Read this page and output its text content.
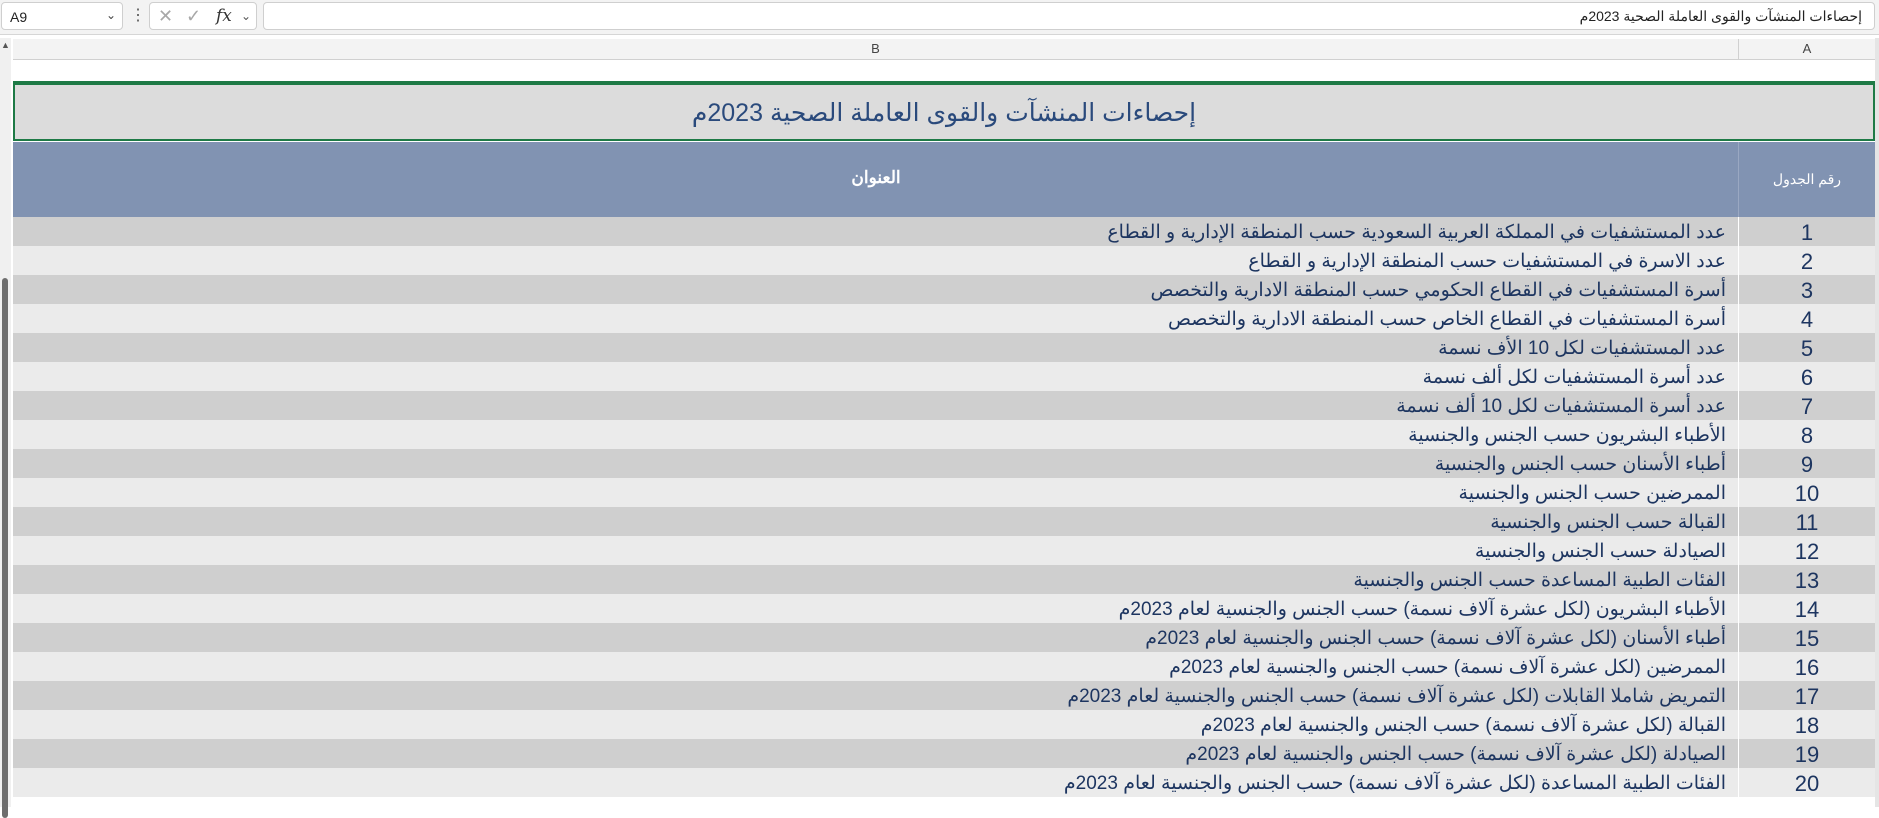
A9	⌄ ⋮ ✕ ✓ fx ⌄	إحصاءات المنشآت والقوى العاملة الصحية 2023م
▲	B	A
إحصاءات المنشآت والقوى العاملة الصحية 2023م
العنوان	رقم الجدول
عدد المستشفيات في المملكة العربية السعودية حسب المنطقة الإدارية و القطاع	1
عدد الاسرة في المستشفيات حسب المنطقة الإدارية و القطاع	2
أسرة المستشفيات في القطاع الحكومي حسب المنطقة الادارية والتخصص	3
أسرة المستشفيات في القطاع الخاص حسب المنطقة الادارية والتخصص	4
عدد المستشفيات لكل 10 الأف نسمة	5
عدد أسرة المستشفيات لكل ألف نسمة	6
عدد أسرة المستشفيات لكل 10 ألف نسمة	7
الأطباء البشريون حسب الجنس والجنسية	8
أطباء الأسنان حسب الجنس والجنسية	9
الممرضين حسب الجنس والجنسية	10
القبالة حسب الجنس والجنسية	11
الصيادلة حسب الجنس والجنسية	12
الفئات الطبية المساعدة حسب الجنس والجنسية	13
الأطباء البشريون (لكل عشرة آلاف نسمة) حسب الجنس والجنسية لعام 2023م	14
أطباء الأسنان (لكل عشرة آلاف نسمة) حسب الجنس والجنسية لعام 2023م	15
الممرضين (لكل عشرة آلاف نسمة) حسب الجنس والجنسية لعام 2023م	16
التمريض شاملا القابلات (لكل عشرة آلاف نسمة) حسب الجنس والجنسية لعام 2023م	17
القبالة (لكل عشرة آلاف نسمة) حسب الجنس والجنسية لعام 2023م	18
الصيادلة (لكل عشرة آلاف نسمة) حسب الجنس والجنسية لعام 2023م	19
الفئات الطبية المساعدة (لكل عشرة آلاف نسمة) حسب الجنس والجنسية لعام 2023م	20
